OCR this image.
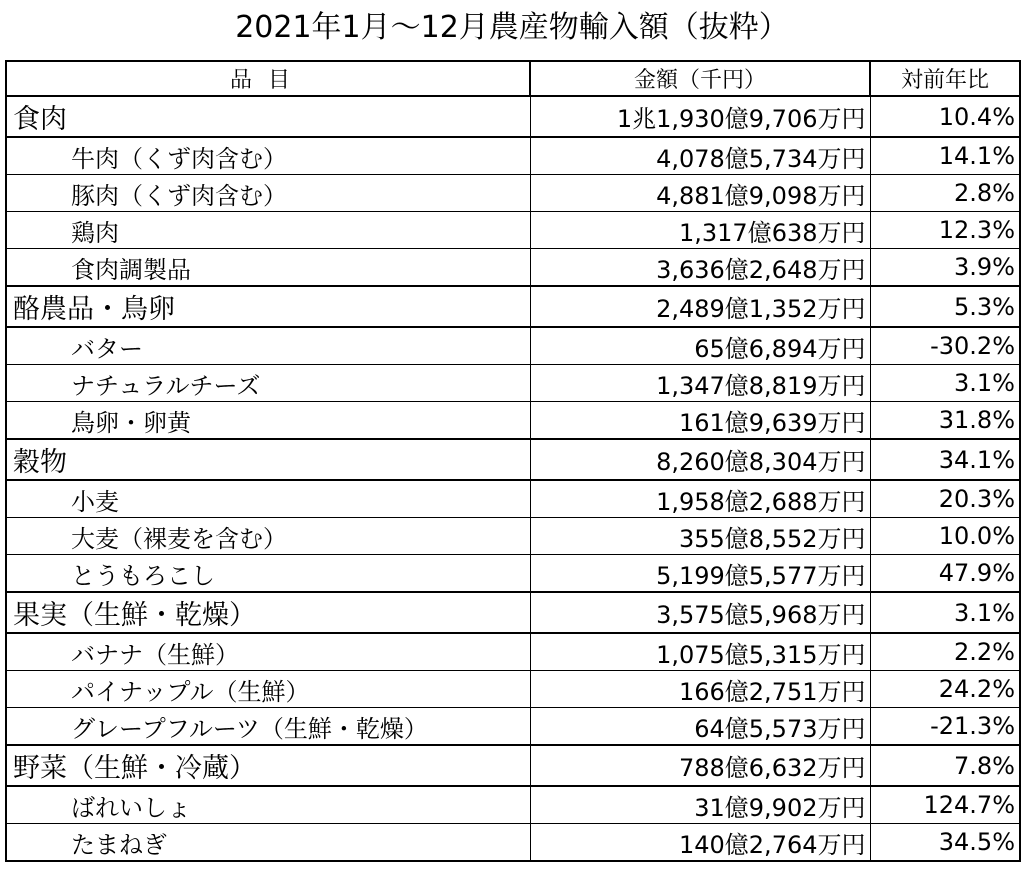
2021年1月〜12月農産物輸入額（抜粋）
品目	金額（千円）	対前年比
食肉	1兆1,930億9,706万円	10.4%
牛肉（くず肉含む）	4,078億5,734万円	14.1%
豚肉（くず肉含む）	4,881億9,098万円	2.8%
鶏肉	1,317億638万円	12.3%
食肉調製品	3,636億2,648万円	3.9%
酪農品・鳥卵	2,489億1,352万円	5.3%
バター	65億6,894万円	-30.2%
ナチュラルチーズ	1,347億8,819万円	3.1%
鳥卵・卵黄	161億9,639万円	31.8%
穀物	8,260億8,304万円	34.1%
小麦	1,958億2,688万円	20.3%
大麦（裸麦を含む）	355億8,552万円	10.0%
とうもろこし	5,199億5,577万円	47.9%
果実（生鮮・乾燥）	3,575億5,968万円	3.1%
バナナ（生鮮）	1,075億5,315万円	2.2%
パイナップル（生鮮）	166億2,751万円	24.2%
グレープフルーツ（生鮮・乾燥）	64億5,573万円	-21.3%
野菜（生鮮・冷蔵）	788億6,632万円	7.8%
ばれいしょ	31億9,902万円	124.7%
たまねぎ	140億2,764万円	34.5%
